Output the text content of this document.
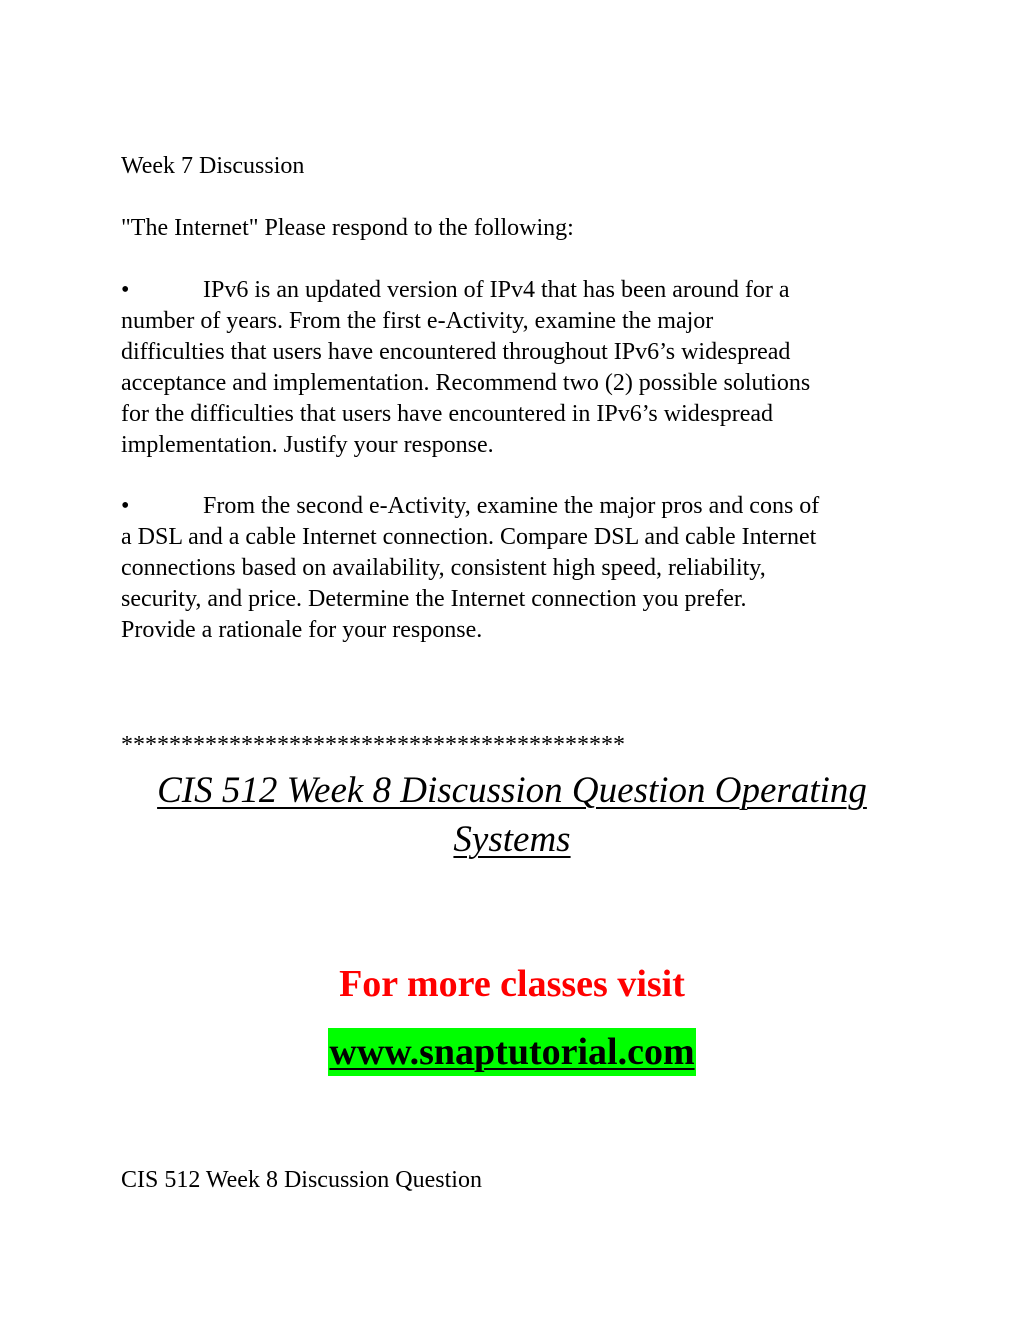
Week 7 Discussion
"The Internet" Please respond to the following:
•	IPv6 is an updated version of IPv4 that has been around for a
number of years. From the first e-Activity, examine the major
difficulties that users have encountered throughout IPv6’s widespread
acceptance and implementation. Recommend two (2) possible solutions
for the difficulties that users have encountered in IPv6’s widespread
implementation. Justify your response.
•	From the second e-Activity, examine the major pros and cons of
a DSL and a cable Internet connection. Compare DSL and cable Internet
connections based on availability, consistent high speed, reliability,
security, and price. Determine the Internet connection you prefer.
Provide a rationale for your response.
******************************************
CIS 512 Week 8 Discussion Question Operating
Systems
For more classes visit
www.snaptutorial.com
CIS 512 Week 8 Discussion Question
